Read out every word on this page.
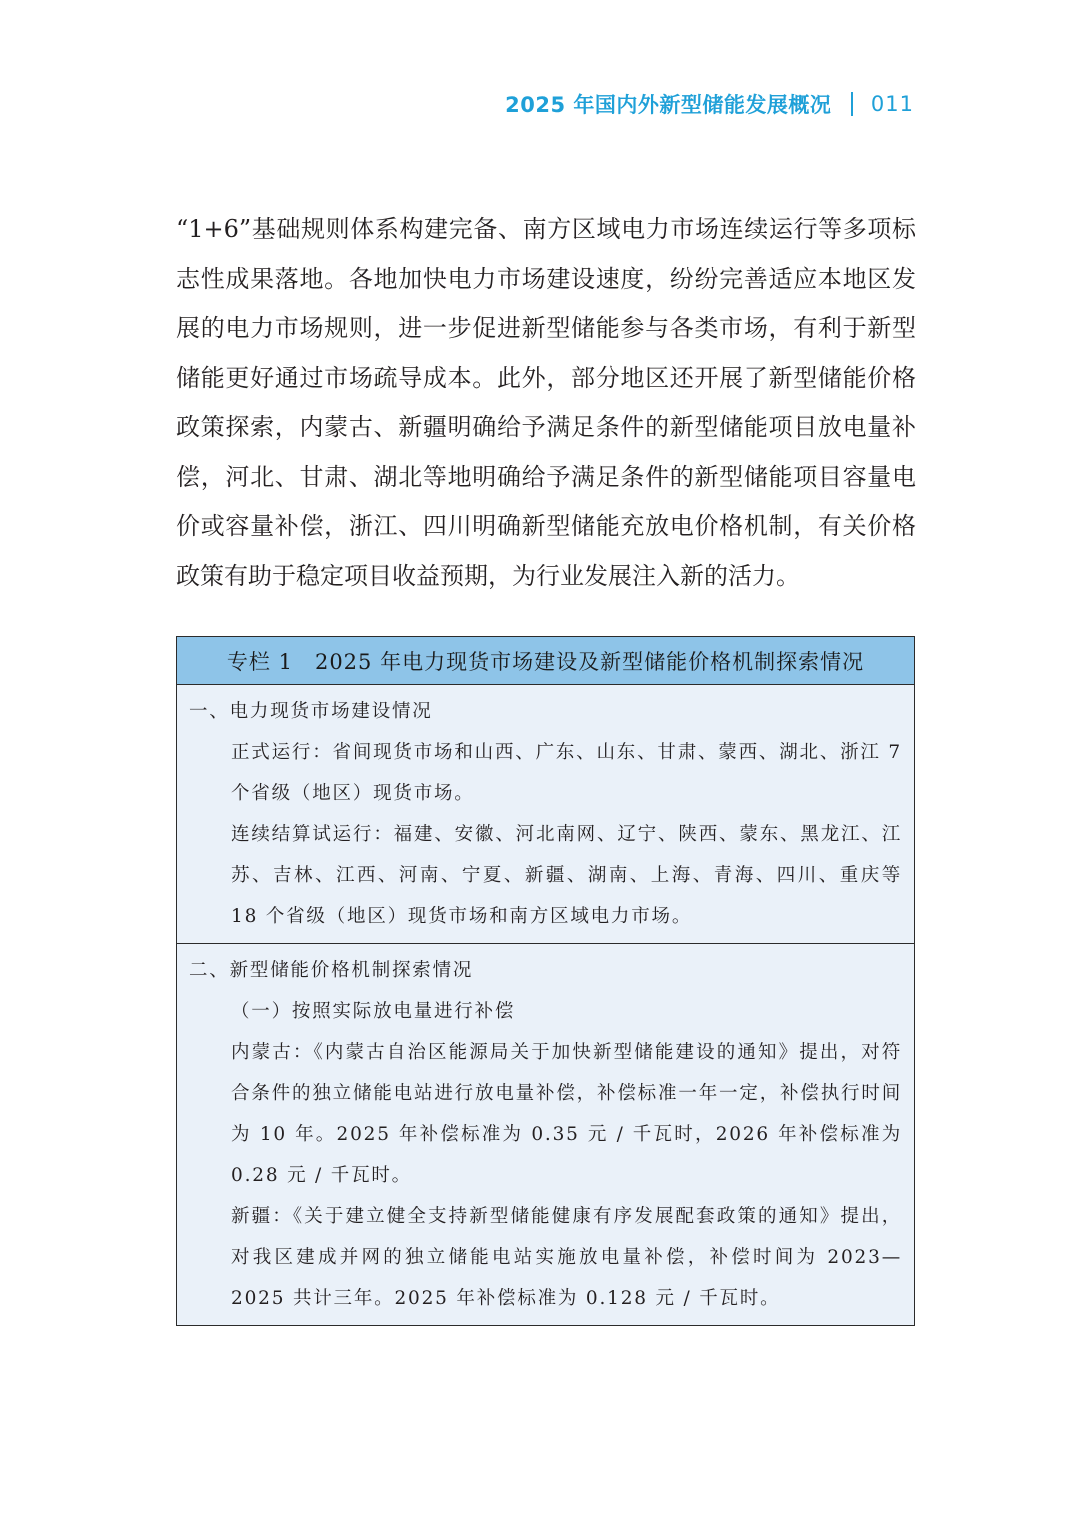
2025 年国内外新型储能发展概况 011

“1+6”基础规则体系构建完备、南方区域电力市场连续运行等多项标志性成果落地。各地加快电力市场建设速度，纷纷完善适应本地区发展的电力市场规则，进一步促进新型储能参与各类市场，有利于新型储能更好通过市场疏导成本。此外，部分地区还开展了新型储能价格政策探索，内蒙古、新疆明确给予满足条件的新型储能项目放电量补偿，河北、甘肃、湖北等地明确给予满足条件的新型储能项目容量电价或容量补偿，浙江、四川明确新型储能充放电价格机制，有关价格政策有助于稳定项目收益预期，为行业发展注入新的活力。

专栏 1　2025 年电力现货市场建设及新型储能价格机制探索情况

一、电力现货市场建设情况

正式运行：省间现货市场和山西、广东、山东、甘肃、蒙西、湖北、浙江 7 个省级（地区）现货市场。

连续结算试运行：福建、安徽、河北南网、辽宁、陕西、蒙东、黑龙江、江苏、吉林、江西、河南、宁夏、新疆、湖南、上海、青海、四川、重庆等 18 个省级（地区）现货市场和南方区域电力市场。

二、新型储能价格机制探索情况

（一）按照实际放电量进行补偿

内蒙古：《内蒙古自治区能源局关于加快新型储能建设的通知》提出，对符合条件的独立储能电站进行放电量补偿，补偿标准一年一定，补偿执行时间为 10 年。2025 年补偿标准为 0.35 元 / 千瓦时，2026 年补偿标准为 0.28 元 / 千瓦时。

新疆：《关于建立健全支持新型储能健康有序发展配套政策的通知》提出，对我区建成并网的独立储能电站实施放电量补偿，补偿时间为 2023—2025 共计三年。2025 年补偿标准为 0.128 元 / 千瓦时。
